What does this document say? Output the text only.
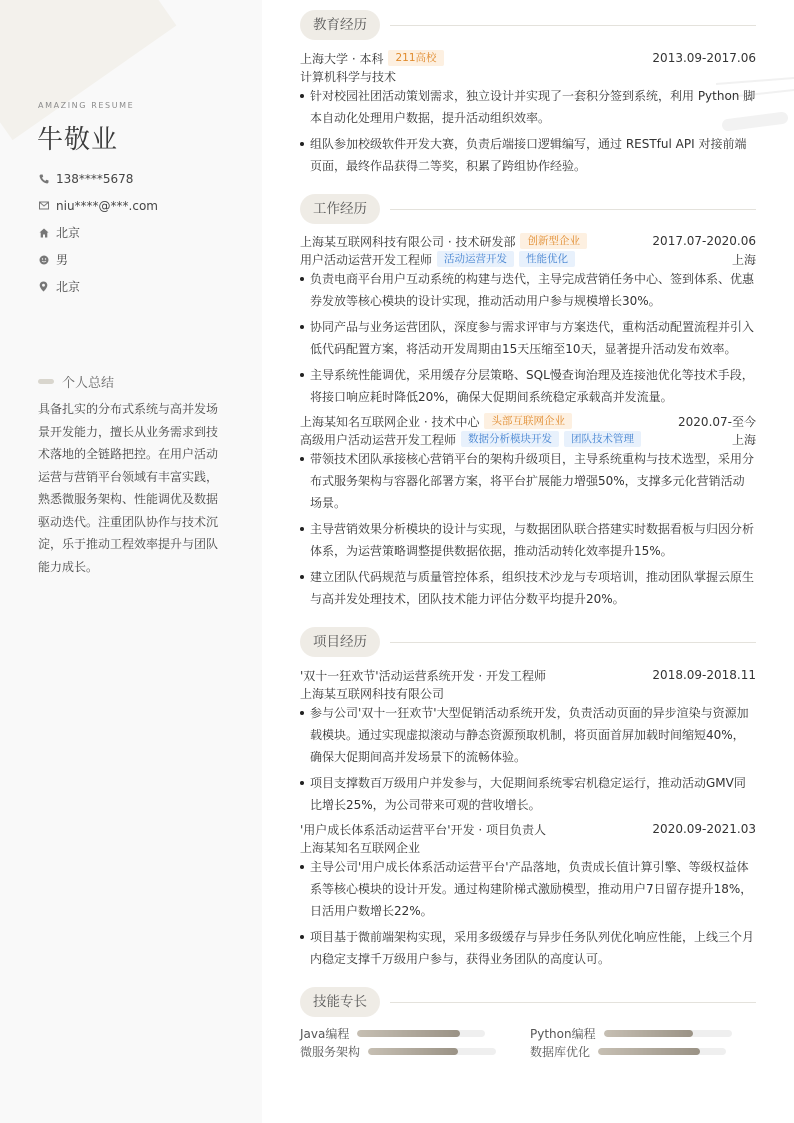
AMAZING RESUME
牛敬业
138****5678
niu****@***.com
北京
男
北京
个人总结
具备扎实的分布式系统与高并发场景开发能力，擅长从业务需求到技术落地的全链路把控。在用户活动运营与营销平台领域有丰富实践，熟悉微服务架构、性能调优及数据驱动迭代。注重团队协作与技术沉淀，乐于推动工程效率提升与团队能力成长。
教育经历
上海大学 · 本科	211高校	2013.09-2017.06
计算机科学与技术
针对校园社团活动策划需求，独立设计并实现了一套积分签到系统，利用 Python 脚本自动化处理用户数据，提升活动组织效率。
组队参加校级软件开发大赛，负责后端接口逻辑编写，通过 RESTful API 对接前端页面，最终作品获得二等奖，积累了跨组协作经验。
工作经历
上海某互联网科技有限公司 · 技术研发部	创新型企业	2017.07-2020.06
用户活动运营开发工程师	活动运营开发	性能优化	上海
负责电商平台用户互动系统的构建与迭代，主导完成营销任务中心、签到体系、优惠券发放等核心模块的设计实现，推动活动用户参与规模增长30%。
协同产品与业务运营团队，深度参与需求评审与方案迭代，重构活动配置流程并引入低代码配置方案，将活动开发周期由15天压缩至10天，显著提升活动发布效率。
主导系统性能调优，采用缓存分层策略、SQL慢查询治理及连接池优化等技术手段，将接口响应耗时降低20%，确保大促期间系统稳定承载高并发流量。
上海某知名互联网企业 · 技术中心	头部互联网企业	2020.07-至今
高级用户活动运营开发工程师	数据分析模块开发	团队技术管理	上海
带领技术团队承接核心营销平台的架构升级项目，主导系统重构与技术选型，采用分布式服务架构与容器化部署方案，将平台扩展能力增强50%，支撑多元化营销活动场景。
主导营销效果分析模块的设计与实现，与数据团队联合搭建实时数据看板与归因分析体系，为运营策略调整提供数据依据，推动活动转化效率提升15%。
建立团队代码规范与质量管控体系，组织技术沙龙与专项培训，推动团队掌握云原生与高并发处理技术，团队技术能力评估分数平均提升20%。
项目经历
'双十一狂欢节'活动运营系统开发 · 开发工程师	2018.09-2018.11
上海某互联网科技有限公司
参与公司'双十一狂欢节'大型促销活动系统开发，负责活动页面的异步渲染与资源加载模块。通过实现虚拟滚动与静态资源预取机制，将页面首屏加载时间缩短40%，确保大促期间高并发场景下的流畅体验。
项目支撑数百万级用户并发参与，大促期间系统零宕机稳定运行，推动活动GMV同比增长25%，为公司带来可观的营收增长。
'用户成长体系活动运营平台'开发 · 项目负责人	2020.09-2021.03
上海某知名互联网企业
主导公司'用户成长体系活动运营平台'产品落地，负责成长值计算引擎、等级权益体系等核心模块的设计开发。通过构建阶梯式激励模型，推动用户7日留存提升18%，日活用户数增长22%。
项目基于微前端架构实现，采用多级缓存与异步任务队列优化响应性能，上线三个月内稳定支撑千万级用户参与，获得业务团队的高度认可。
技能专长
Java编程	Python编程
微服务架构	数据库优化
